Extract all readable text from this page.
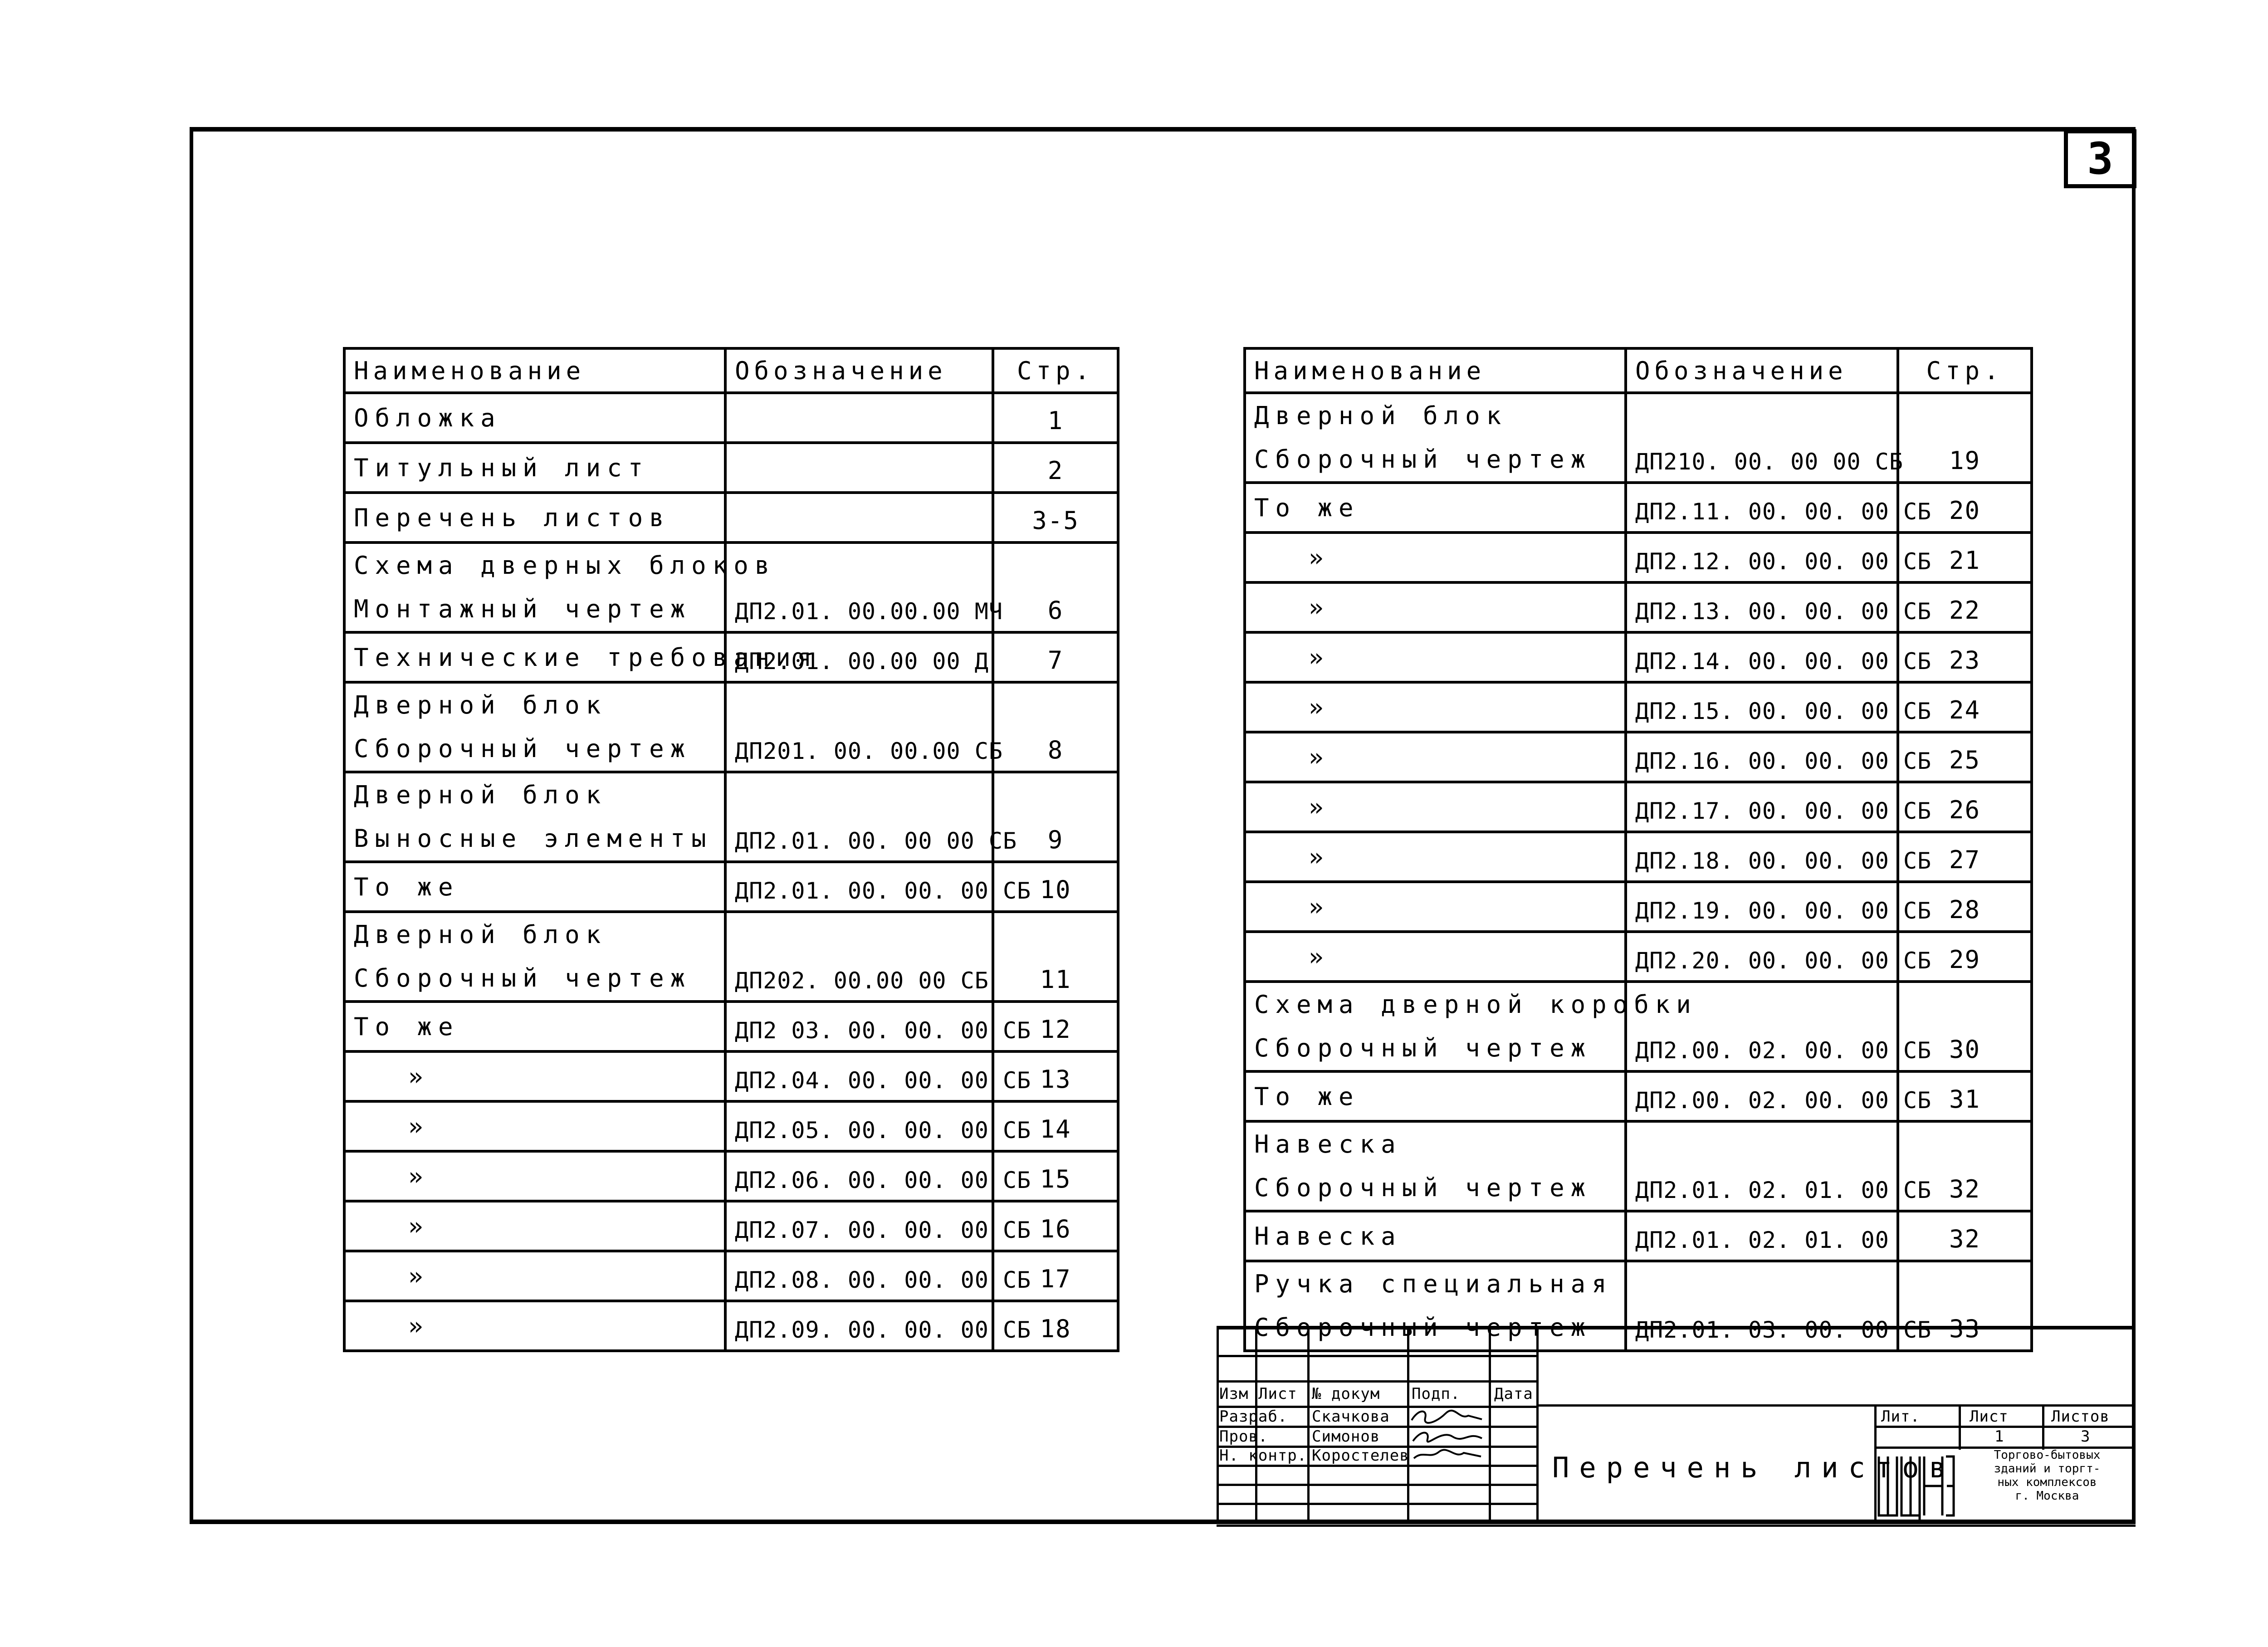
3
Наименование	Обозначение	Стр.

Обложка		1

Титульный лист		2

Перечень листов		3-5

Схема дверных блоков
Монтажный чертеж	ДП2.01. 00.00.00 МЧ	6

Технические требования	ДП2.01. 00.00 00 Д	7

Дверной блок
Сборочный чертеж	ДП201. 00. 00.00 СБ	8

Дверной блок
Выносные элементы	ДП2.01. 00. 00 00 СБ	9

То же	ДП2.01. 00. 00. 00 СБ	10

Дверной блок
Сборочный чертеж	ДП202. 00.00 00 СБ	11

То же	ДП2 03. 00. 00. 00 СБ	12

»	ДП2.04. 00. 00. 00 СБ	13

»	ДП2.05. 00. 00. 00 СБ	14

»	ДП2.06. 00. 00. 00 СБ	15

»	ДП2.07. 00. 00. 00 СБ	16

»	ДП2.08. 00. 00. 00 СБ	17

»	ДП2.09. 00. 00. 00 СБ	18
Наименование	Обозначение	Стр.

Дверной блок
Сборочный чертеж	ДП210. 00. 00 00 СБ	19

То же	ДП2.11. 00. 00. 00 СБ	20

»	ДП2.12. 00. 00. 00 СБ	21

»	ДП2.13. 00. 00. 00 СБ	22

»	ДП2.14. 00. 00. 00 СБ	23

»	ДП2.15. 00. 00. 00 СБ	24

»	ДП2.16. 00. 00. 00 СБ	25

»	ДП2.17. 00. 00. 00 СБ	26

»	ДП2.18. 00. 00. 00 СБ	27

»	ДП2.19. 00. 00. 00 СБ	28

»	ДП2.20. 00. 00. 00 СБ	29

Схема дверной коробки
Сборочный чертеж	ДП2.00. 02. 00. 00 СБ	30

То же	ДП2.00. 02. 00. 00 СБ	31

Навеска
Сборочный чертеж	ДП2.01. 02. 01. 00 СБ	32

Навеска	ДП2.01. 02. 01. 00	32

Ручка специальная
Сборочный чертеж	ДП2.01. 03. 00. 00 СБ	33
Изм Лист № докум Подп. Дата
Разраб. Скачкова
Пров.	Симонов
Н. контр. Коростелев	Перечень листов
Лит.	Лист	Листов
1	3
Торгово-бытовых
зданий и торгт-
ных комплексов
г. Москва
